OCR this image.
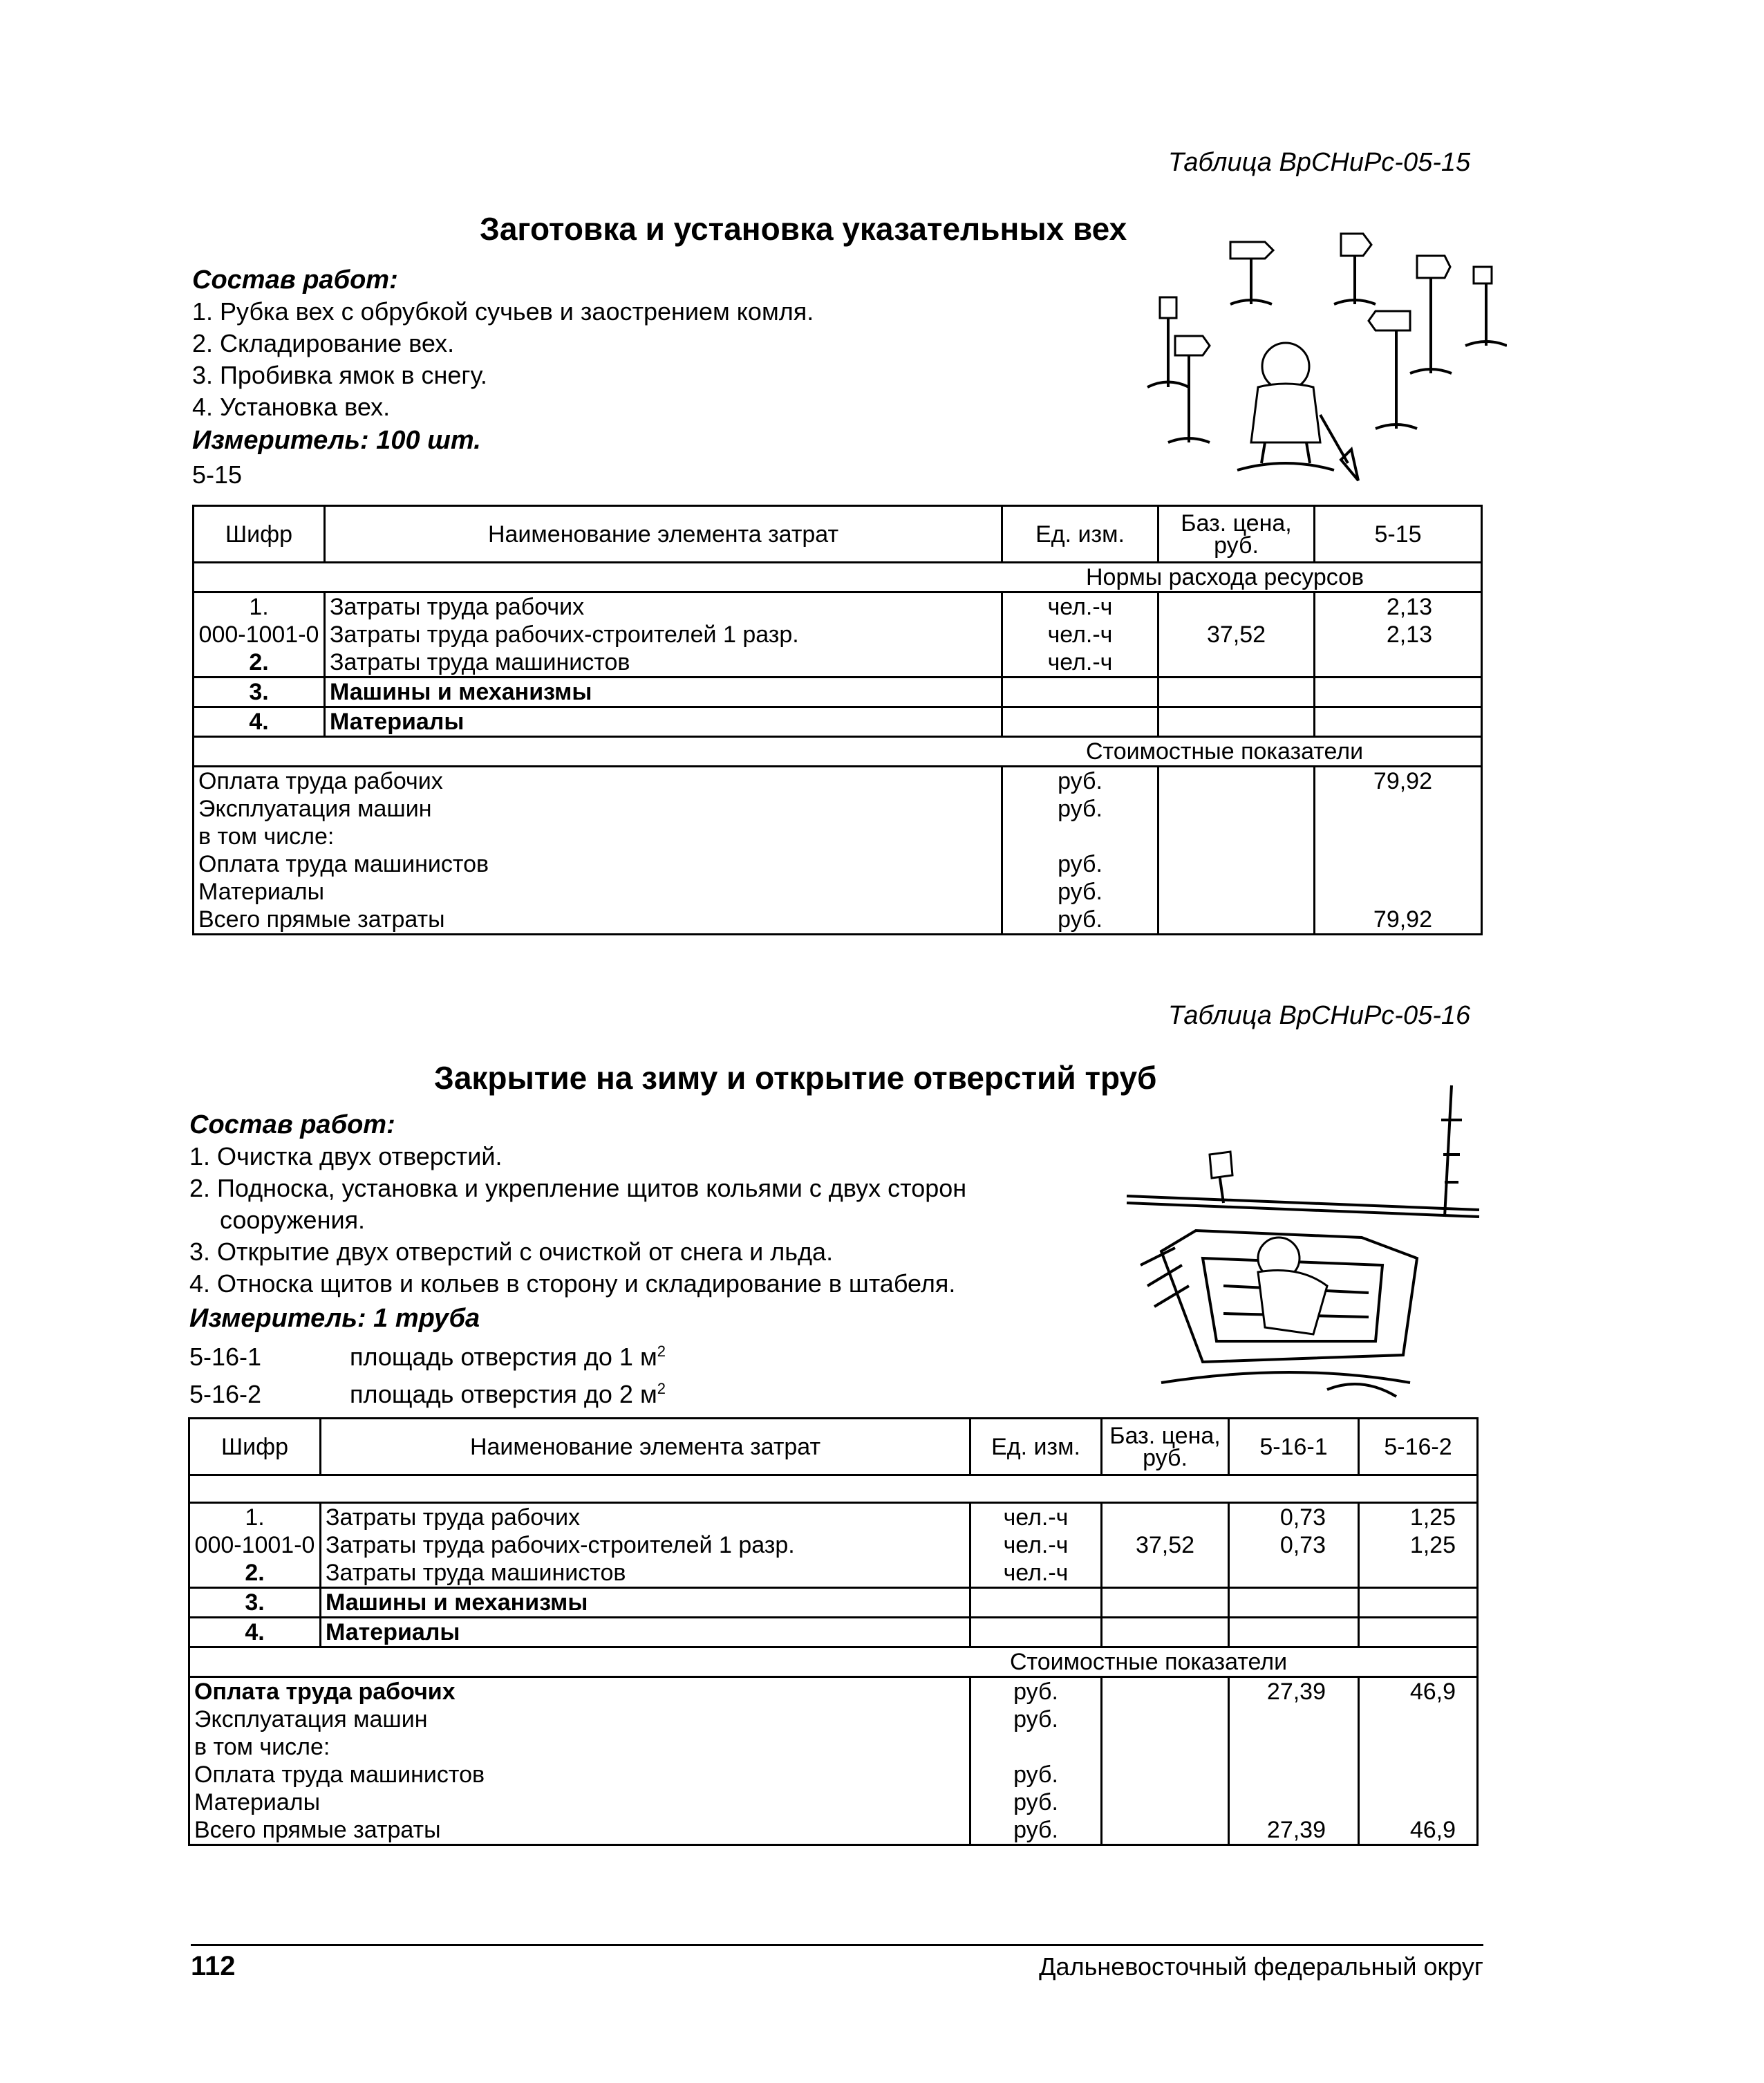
Таблица ВрСНиРс-05-15
Заготовка и установка указательных вех
Состав работ:
1. Рубка вех с обрубкой сучьев и заострением комля.
2. Складирование вех.
3. Пробивка ямок в снегу.
4. Установка вех.
Измеритель: 100 шт.
5-15
Шифр	Наименование элемента затрат	Ед. изм.	Баз. цена,
руб.	5-15
Нормы расхода ресурсов				
1.	Затраты труда рабочих	чел.-ч		2,13
000-1001-0	Затраты труда рабочих-строителей 1 разр.	чел.-ч	37,52	2,13
2.	Затраты труда машинистов	чел.-ч		
3.	Машины и механизмы			
4.	Материалы			
Стоимостные показатели				
Оплата труда рабочих		руб.		79,92
Эксплуатация машин		руб.		
в том числе:				
Оплата труда машинистов		руб.		
Материалы		руб.		
Всего прямые затраты		руб.		79,92
Таблица ВрСНиРс-05-16
Закрытие на зиму и открытие отверстий труб
Состав работ:
1. Очистка двух отверстий.
2. Подноска, установка и укрепление щитов кольями с двух сторон
сооружения.
3. Открытие двух отверстий с очисткой от снега и льда.
4. Относка щитов и кольев в сторону и складирование в штабеля.
Измеритель: 1 труба
5-16-1	площадь отверстия до 1 $м^2$
5-16-2	площадь отверстия до 2 $м^2$
Шифр	Наименование элемента затрат	Ед. изм.	Баз. цена,
руб.	5-16-1	5-16-2

1.	Затраты труда рабочих	чел.-ч		0,73	1,25
000-1001-0	Затраты труда рабочих-строителей 1 разр.	чел.-ч	37,52	0,73	1,25
2.	Затраты труда машинистов	чел.-ч			
3.	Машины и механизмы				
4.	Материалы				
Стоимостные показатели					
Оплата труда рабочих		руб.		27,39	46,9
Эксплуатация машин		руб.			
в том числе:					
Оплата труда машинистов		руб.			
Материалы		руб.			
Всего прямые затраты		руб.		27,39	46,9
112	Дальневосточный федеральный округ
